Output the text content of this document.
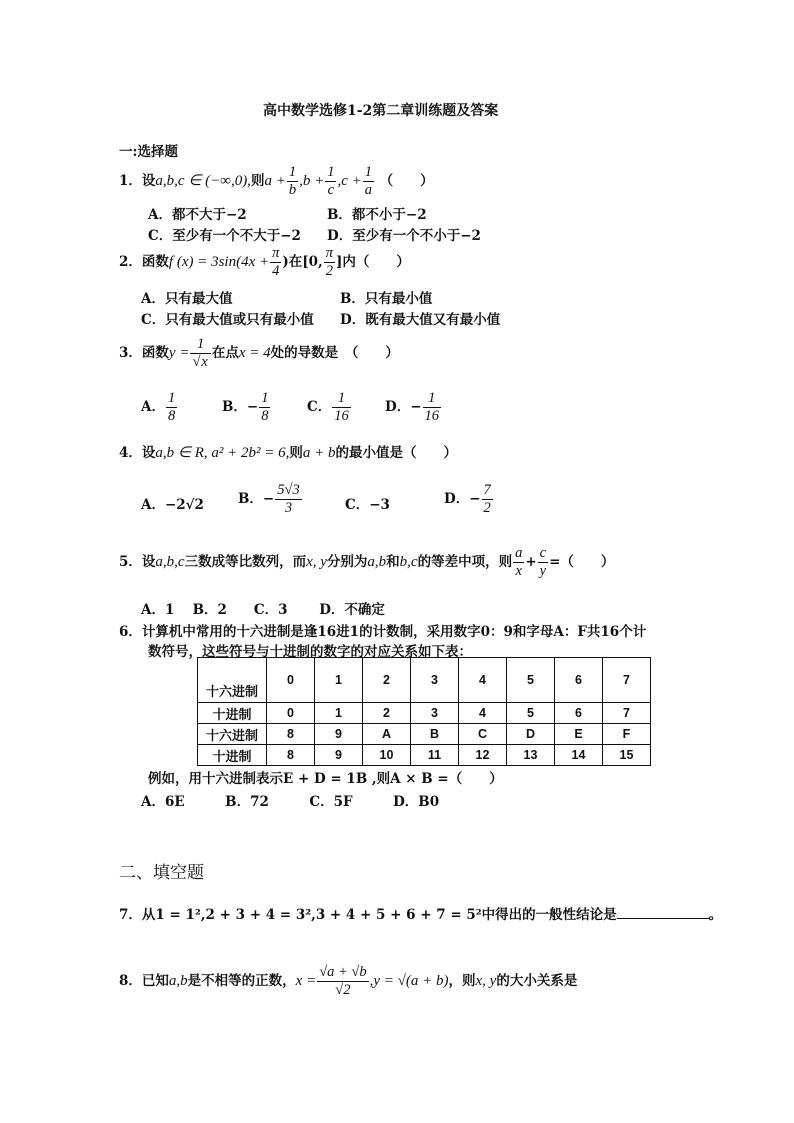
高中数学选修1-2第二章训练题及答案
一:选择题
1．设a,b,c ∈ (−∞,0),则$a + \frac{1}{b} ,b + \frac{1}{c} ,c + \frac{1}{a}$ （　　）
A．都不大于−2	B．都不小于−2
C．至少有一个不大于−2 D．至少有一个不小于−2
2．函数f $(x) = 3\sin(4x + \frac{\pi}{4}$ )在[0, $\frac{\pi}{2}$ ]内（　　）
A．只有最大值	B．只有最小值
C．只有最大值或只有最小值 D．既有最大值又有最小值
3．函数$y = \frac{1}{√x}$ 在点x = 4处的导数是　（　　）
A． $\frac{1}{8}$	B．− $\frac{1}{8}$	C． $\frac{1}{16}$	D．− $\frac{1}{16}$
4．设a,b ∈ R, a² + 2b² = 6,则a + b的最小值是（　　）
A．−2√2	B．− $\frac{5√3}{3}$	C．−3	D．− $\frac{7}{2}$
5．设a,b,c三数成等比数列，而x, y分别为a,b和b,c的等差中项，则 $\frac{a}{x} + \frac{c}{y}$ =（　　）
A．1　 B．2　　C．3　　 D．不确定
6．计算机中常用的十六进制是逢16进1的计数制，采用数字0：9和字母A：F共16个计
数符号，这些符号与十进制的数字的对应关系如下表：
十六进制	0	1	2	3	4	5	6	7
十进制	0	1	2	3	4	5	6	7
十六进制	8	9	A	B	C	D	E	F
十进制	8	9	10	11	12	13	14	15
例如，用十六进制表示E + D = 1B ,则A × B =（　　）
A．6E　　　B．72　　　C．5F　　　D．B0
二、填空题
7．从1 = 1²,2 + 3 + 4 = 3²,3 + 4 + 5 + 6 + 7 = 5²中得出的一般性结论是	。
8．已知a,b是不相等的正数，$x = \frac{√a + √b}{√2} ,y = √(a + b)$，则x, y的大小关系是
